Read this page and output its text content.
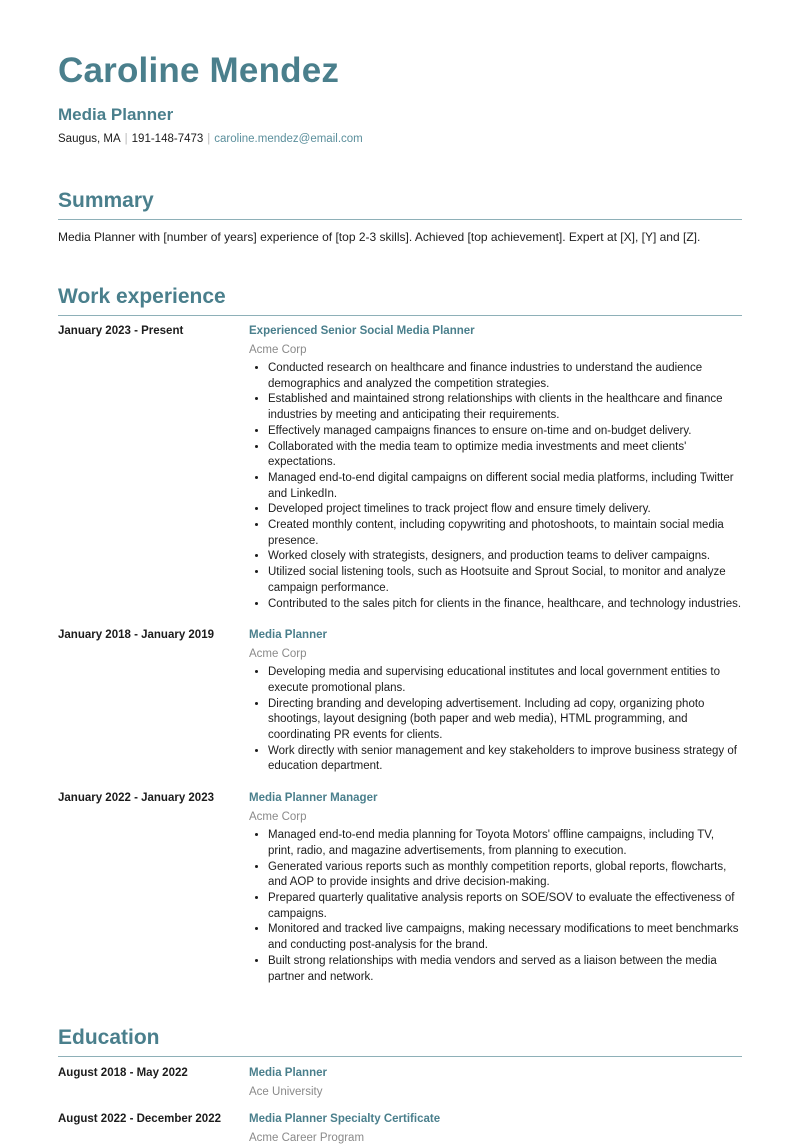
Caroline Mendez
Media Planner
Saugus, MA | 191-148-7473 | caroline.mendez@email.com
Summary
Media Planner with [number of years] experience of [top 2-3 skills]. Achieved [top achievement]. Expert at [X], [Y] and [Z].
Work experience
January 2023 - Present	Experienced Senior Social Media Planner
Acme Corp
• Conducted research on healthcare and finance industries to understand the audience demographics and analyzed the competition strategies.
• Established and maintained strong relationships with clients in the healthcare and finance industries by meeting and anticipating their requirements.
• Effectively managed campaigns finances to ensure on-time and on-budget delivery.
• Collaborated with the media team to optimize media investments and meet clients' expectations.
• Managed end-to-end digital campaigns on different social media platforms, including Twitter and LinkedIn.
• Developed project timelines to track project flow and ensure timely delivery.
• Created monthly content, including copywriting and photoshoots, to maintain social media presence.
• Worked closely with strategists, designers, and production teams to deliver campaigns.
• Utilized social listening tools, such as Hootsuite and Sprout Social, to monitor and analyze campaign performance.
• Contributed to the sales pitch for clients in the finance, healthcare, and technology industries.
January 2018 - January 2019	Media Planner
Acme Corp
• Developing media and supervising educational institutes and local government entities to execute promotional plans.
• Directing branding and developing advertisement. Including ad copy, organizing photo shootings, layout designing (both paper and web media), HTML programming, and coordinating PR events for clients.
• Work directly with senior management and key stakeholders to improve business strategy of education department.
January 2022 - January 2023	Media Planner Manager
Acme Corp
• Managed end-to-end media planning for Toyota Motors' offline campaigns, including TV, print, radio, and magazine advertisements, from planning to execution.
• Generated various reports such as monthly competition reports, global reports, flowcharts, and AOP to provide insights and drive decision-making.
• Prepared quarterly qualitative analysis reports on SOE/SOV to evaluate the effectiveness of campaigns.
• Monitored and tracked live campaigns, making necessary modifications to meet benchmarks and conducting post-analysis for the brand.
• Built strong relationships with media vendors and served as a liaison between the media partner and network.
Education
August 2018 - May 2022	Media Planner
Ace University
August 2022 - December 2022	Media Planner Specialty Certificate
Acme Career Program
